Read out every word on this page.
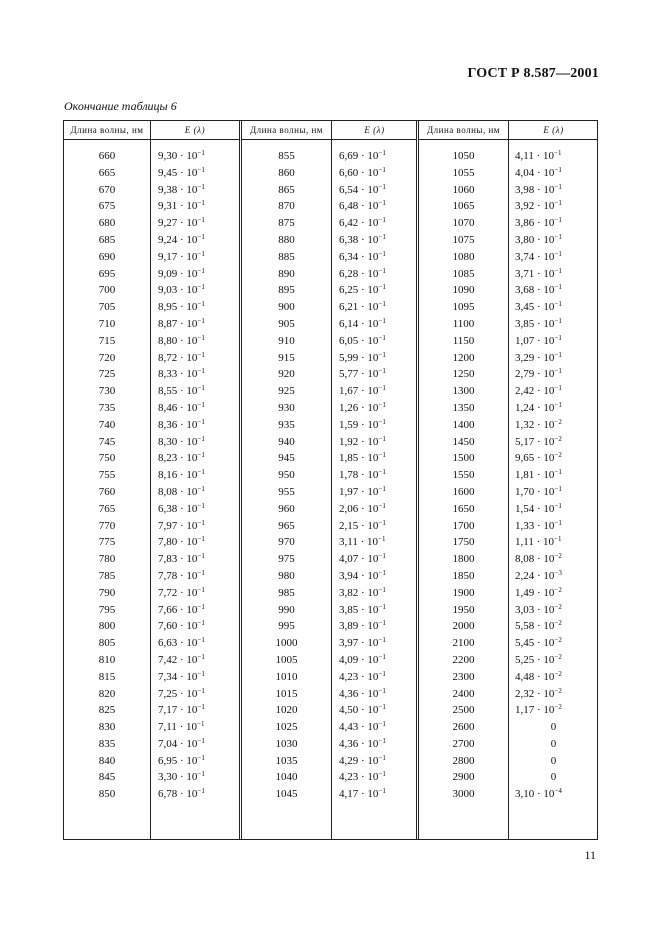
ГОСТ Р 8.587—2001
Окончание таблицы 6
Длина волны, нм	E (λ)
660	$9,30 \cdot 10^{-1}$
665	$9,45 \cdot 10^{-1}$
670	$9,38 \cdot 10^{-1}$
675	$9,31 \cdot 10^{-1}$
680	$9,27 \cdot 10^{-1}$
685	$9,24 \cdot 10^{-1}$
690	$9,17 \cdot 10^{-1}$
695	$9,09 \cdot 10^{-1}$
700	$9,03 \cdot 10^{-1}$
705	$8,95 \cdot 10^{-1}$
710	$8,87 \cdot 10^{-1}$
715	$8,80 \cdot 10^{-1}$
720	$8,72 \cdot 10^{-1}$
725	$8,33 \cdot 10^{-1}$
730	$8,55 \cdot 10^{-1}$
735	$8,46 \cdot 10^{-1}$
740	$8,36 \cdot 10^{-1}$
745	$8,30 \cdot 10^{-1}$
750	$8,23 \cdot 10^{-1}$
755	$8,16 \cdot 10^{-1}$
760	$8,08 \cdot 10^{-1}$
765	$6,38 \cdot 10^{-1}$
770	$7,97 \cdot 10^{-1}$
775	$7,80 \cdot 10^{-1}$
780	$7,83 \cdot 10^{-1}$
785	$7,78 \cdot 10^{-1}$
790	$7,72 \cdot 10^{-1}$
795	$7,66 \cdot 10^{-1}$
800	$7,60 \cdot 10^{-1}$
805	$6,63 \cdot 10^{-1}$
810	$7,42 \cdot 10^{-1}$
815	$7,34 \cdot 10^{-1}$
820	$7,25 \cdot 10^{-1}$
825	$7,17 \cdot 10^{-1}$
830	$7,11 \cdot 10^{-1}$
835	$7,04 \cdot 10^{-1}$
840	$6,95 \cdot 10^{-1}$
845	$3,30 \cdot 10^{-1}$
850	$6,78 \cdot 10^{-1}$
Длина волны, нм	E (λ)
855	$6,69 \cdot 10^{-1}$
860	$6,60 \cdot 10^{-1}$
865	$6,54 \cdot 10^{-1}$
870	$6,48 \cdot 10^{-1}$
875	$6,42 \cdot 10^{-1}$
880	$6,38 \cdot 10^{-1}$
885	$6,34 \cdot 10^{-1}$
890	$6,28 \cdot 10^{-1}$
895	$6,25 \cdot 10^{-1}$
900	$6,21 \cdot 10^{-1}$
905	$6,14 \cdot 10^{-1}$
910	$6,05 \cdot 10^{-1}$
915	$5,99 \cdot 10^{-1}$
920	$5,77 \cdot 10^{-1}$
925	$1,67 \cdot 10^{-1}$
930	$1,26 \cdot 10^{-1}$
935	$1,59 \cdot 10^{-1}$
940	$1,92 \cdot 10^{-1}$
945	$1,85 \cdot 10^{-1}$
950	$1,78 \cdot 10^{-1}$
955	$1,97 \cdot 10^{-1}$
960	$2,06 \cdot 10^{-1}$
965	$2,15 \cdot 10^{-1}$
970	$3,11 \cdot 10^{-1}$
975	$4,07 \cdot 10^{-1}$
980	$3,94 \cdot 10^{-1}$
985	$3,82 \cdot 10^{-1}$
990	$3,85 \cdot 10^{-1}$
995	$3,89 \cdot 10^{-1}$
1000	$3,97 \cdot 10^{-1}$
1005	$4,09 \cdot 10^{-1}$
1010	$4,23 \cdot 10^{-1}$
1015	$4,36 \cdot 10^{-1}$
1020	$4,50 \cdot 10^{-1}$
1025	$4,43 \cdot 10^{-1}$
1030	$4,36 \cdot 10^{-1}$
1035	$4,29 \cdot 10^{-1}$
1040	$4,23 \cdot 10^{-1}$
1045	$4,17 \cdot 10^{-1}$
Длина волны, нм	E (λ)
1050	$4,11 \cdot 10^{-1}$
1055	$4,04 \cdot 10^{-1}$
1060	$3,98 \cdot 10^{-1}$
1065	$3,92 \cdot 10^{-1}$
1070	$3,86 \cdot 10^{-1}$
1075	$3,80 \cdot 10^{-1}$
1080	$3,74 \cdot 10^{-1}$
1085	$3,71 \cdot 10^{-1}$
1090	$3,68 \cdot 10^{-1}$
1095	$3,45 \cdot 10^{-1}$
1100	$3,85 \cdot 10^{-1}$
1150	$1,07 \cdot 10^{-1}$
1200	$3,29 \cdot 10^{-1}$
1250	$2,79 \cdot 10^{-1}$
1300	$2,42 \cdot 10^{-1}$
1350	$1,24 \cdot 10^{-1}$
1400	$1,32 \cdot 10^{-2}$
1450	$5,17 \cdot 10^{-2}$
1500	$9,65 \cdot 10^{-2}$
1550	$1,81 \cdot 10^{-1}$
1600	$1,70 \cdot 10^{-1}$
1650	$1,54 \cdot 10^{-1}$
1700	$1,33 \cdot 10^{-1}$
1750	$1,11 \cdot 10^{-1}$
1800	$8,08 \cdot 10^{-2}$
1850	$2,24 \cdot 10^{-3}$
1900	$1,49 \cdot 10^{-2}$
1950	$3,03 \cdot 10^{-2}$
2000	$5,58 \cdot 10^{-2}$
2100	$5,45 \cdot 10^{-2}$
2200	$5,25 \cdot 10^{-2}$
2300	$4,48 \cdot 10^{-2}$
2400	$2,32 \cdot 10^{-2}$
2500	$1,17 \cdot 10^{-2}$
2600	0
2700	0
2800	0
2900	0
3000	$3,10 \cdot 10^{-4}$
11
